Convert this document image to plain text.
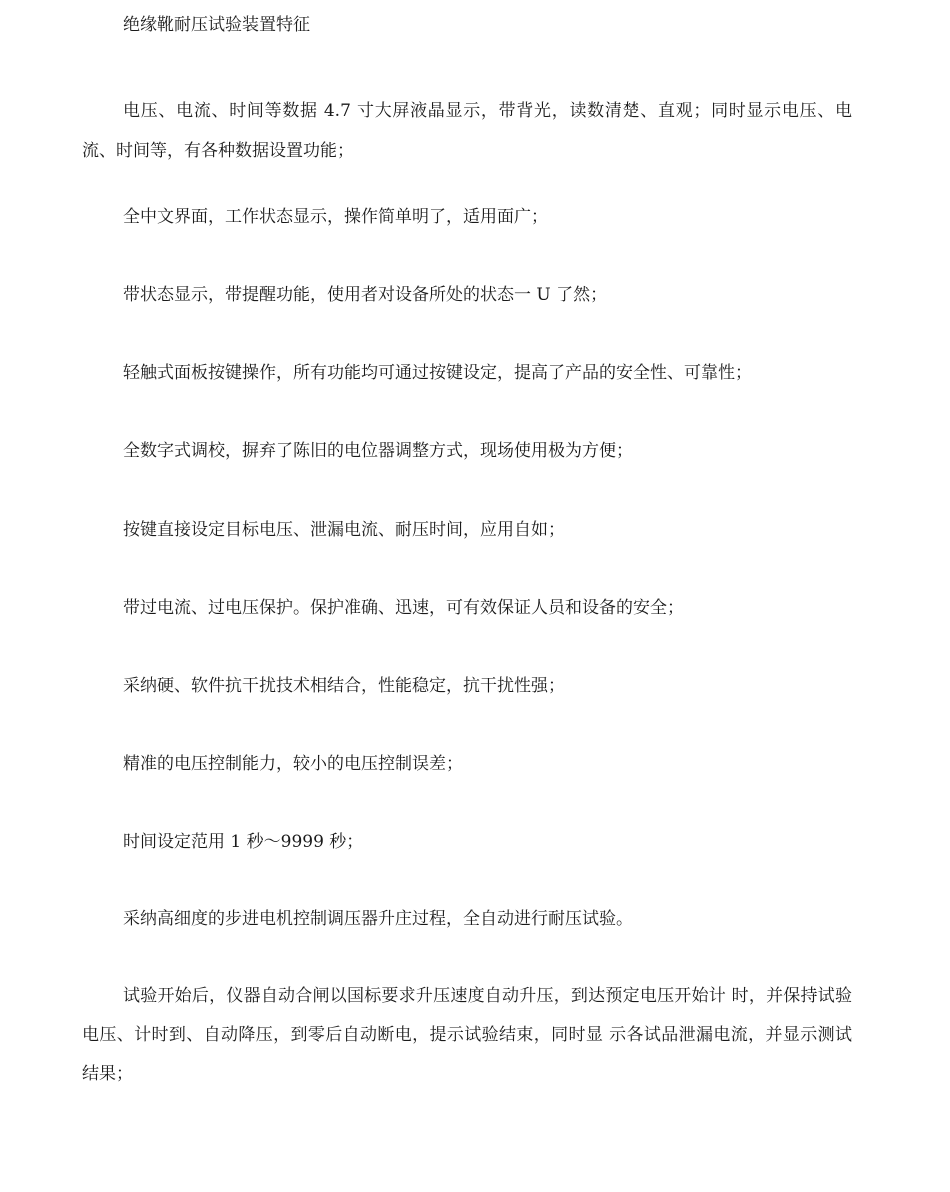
绝缘靴耐压试验装置特征
电压、电流、时间等数据 4.7 寸大屏液晶显示，带背光，读数清楚、直观；同时显示电压、电流、时间等，有各种数据设置功能；
全中文界面，工作状态显示，操作简单明了，适用面广；
带状态显示，带提醒功能，使用者对设备所处的状态一 U 了然；
轻触式面板按键操作，所有功能均可通过按键设定，提高了产品的安全性、可靠性；
全数字式调校，摒弃了陈旧的电位器调整方式，现场使用极为方便；
按键直接设定目标电压、泄漏电流、耐压时间，应用自如；
带过电流、过电压保护。保护准确、迅速，可有效保证人员和设备的安全；
采纳硬、软件抗干扰技术相结合，性能稳定，抗干扰性强；
精准的电压控制能力，较小的电压控制误差；
时间设定范用 1 秒〜9999 秒；
采纳高细度的步进电机控制调压器升庄过程，全自动进行耐压试验。
试验开始后，仪器自动合闸以国标要求升压速度自动升压，到达预定电压开始计 时，并保持试验电压、计时到、自动降压，到零后自动断电，提示试验结束，同时显 示各试品泄漏电流，并显示测试结果；
